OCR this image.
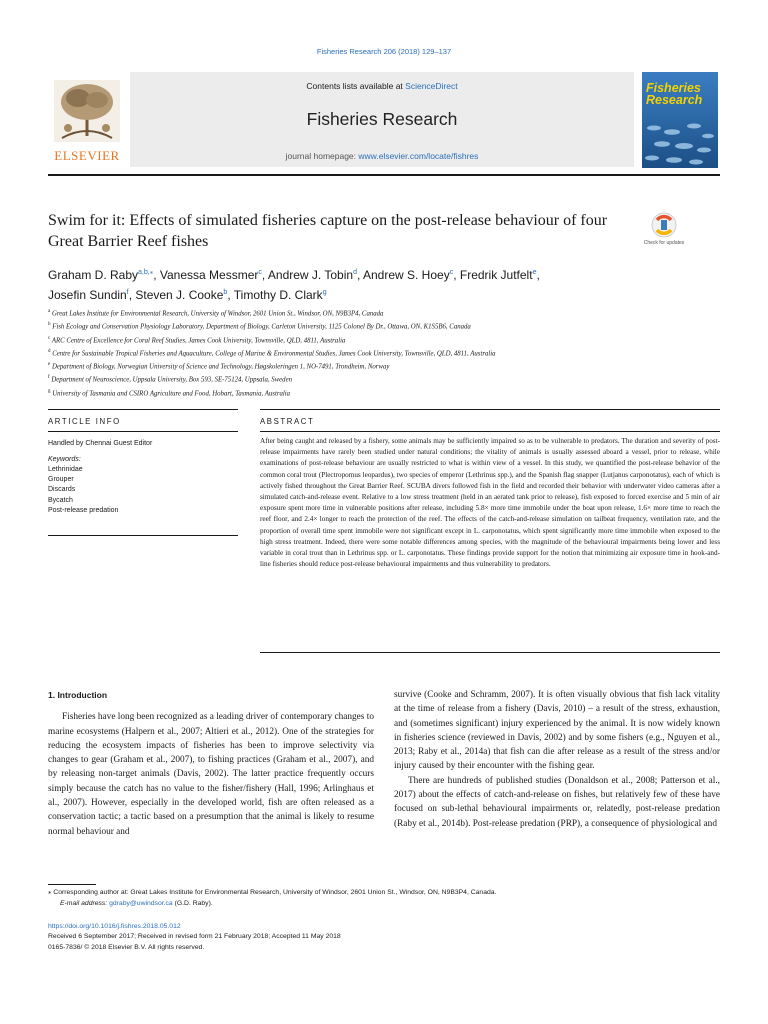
Fisheries Research 206 (2018) 129–137
ELSEVIER
Contents lists available at ScienceDirect
Fisheries Research
journal homepage: www.elsevier.com/locate/fishres
Fisheries Research
Swim for it: Effects of simulated fisheries capture on the post-release behaviour of four Great Barrier Reef fishes	Check for updates
Graham D. Raby$^{a,b,⁎}$, Vanessa Messmer$^c$, Andrew J. Tobin$^d$, Andrew S. Hoey$^c$, Fredrik Jutfelt$^e$,
Josefin Sundin$^f$, Steven J. Cooke$^b$, Timothy D. Clark$^g$
$^a$ Great Lakes Institute for Environmental Research, University of Windsor, 2601 Union St., Windsor, ON, N9B3P4, Canada
$^b$ Fish Ecology and Conservation Physiology Laboratory, Department of Biology, Carleton University, 1125 Colonel By Dr., Ottawa, ON, K1S5B6, Canada
$^c$ ARC Centre of Excellence for Coral Reef Studies, James Cook University, Townsville, QLD, 4811, Australia
$^d$ Centre for Sustainable Tropical Fisheries and Aquaculture, College of Marine & Environmental Studies, James Cook University, Townsville, QLD, 4811, Australia
$^e$ Department of Biology, Norwegian University of Science and Technology, Høgskoleringen 1, NO-7491, Trondheim, Norway
$^f$ Department of Neuroscience, Uppsala University, Box 593, SE-75124, Uppsala, Sweden
$^g$ University of Tasmania and CSIRO Agriculture and Food, Hobart, Tasmania, Australia
ARTICLE INFO	ABSTRACT
Handled by Chennai Guest Editor
Keywords:
Lethrinidae
Grouper
Discards
Bycatch
Post-release predation
After being caught and released by a fishery, some animals may be sufficiently impaired so as to be vulnerable to predators. The duration and severity of post-release impairments have rarely been studied under natural conditions; the vitality of animals is usually assessed aboard a vessel, prior to release, while examinations of post-release behaviour are usually restricted to what is within view of a vessel. In this study, we quantified the post-release behavior of the common coral trout (Plectropomus leopardus), two species of emperor (Lethrinus spp.), and the Spanish flag snapper (Lutjanus carponotatus), each of which is actively fished throughout the Great Barrier Reef. SCUBA divers followed fish in the field and recorded their behavior with underwater video cameras after a simulated catch-and-release event. Relative to a low stress treatment (held in an aerated tank prior to release), fish exposed to forced exercise and 5 min of air exposure spent more time in vulnerable positions after release, including 5.8× more time immobile under the boat upon release, 1.6× more time to reach the reef floor, and 2.4× longer to reach the protection of the reef. The effects of the catch-and-release simulation on tailbeat frequency, ventilation rate, and the proportion of overall time spent immobile were not significant except in L. carponotatus, which spent significantly more time immobile when exposed to the high stress treatment. Indeed, there were some notable differences among species, with the magnitude of the behavioural impairments being lower and less variable in coral trout than in Lethrinus spp. or L. carponotatus. These findings provide support for the notion that minimizing air exposure time in hook-and-line fisheries should reduce post-release behavioural impairments and thus vulnerability to predators.
1. Introduction

Fisheries have long been recognized as a leading driver of contemporary changes to marine ecosystems (Halpern et al., 2007; Altieri et al., 2012). One of the strategies for reducing the ecosystem impacts of fisheries has been to improve selectivity via changes to gear (Graham et al., 2007), to fishing practices (Graham et al., 2007), and by releasing non-target animals (Davis, 2002). The latter practice frequently occurs simply because the catch has no value to the fisher/fishery (Hall, 1996; Arlinghaus et al., 2007). However, especially in the developed world, fish are often released as a conservation tactic; a tactic based on a presumption that the animal is likely to resume normal behaviour and

survive (Cooke and Schramm, 2007). It is often visually obvious that fish lack vitality at the time of release from a fishery (Davis, 2010) – a result of the stress, exhaustion, and (sometimes significant) injury experienced by the animal. It is now widely known in fisheries science (reviewed in Davis, 2002) and by some fishers (e.g., Nguyen et al., 2013; Raby et al., 2014a) that fish can die after release as a result of the stress and/or injury caused by their encounter with the fishing gear.

There are hundreds of published studies (Donaldson et al., 2008; Patterson et al., 2017) about the effects of catch-and-release on fishes, but relatively few of these have focused on sub-lethal behavioural impairments or, relatedly, post-release predation (Raby et al., 2014b). Post-release predation (PRP), a consequence of physiological and

⁎ Corresponding author at: Great Lakes Institute for Environmental Research, University of Windsor, 2601 Union St., Windsor, ON, N9B3P4, Canada.
E-mail address: gdraby@uwindsor.ca (G.D. Raby).
https://doi.org/10.1016/j.fishres.2018.05.012
Received 6 September 2017; Received in revised form 21 February 2018; Accepted 11 May 2018
0165-7836/ © 2018 Elsevier B.V. All rights reserved.
